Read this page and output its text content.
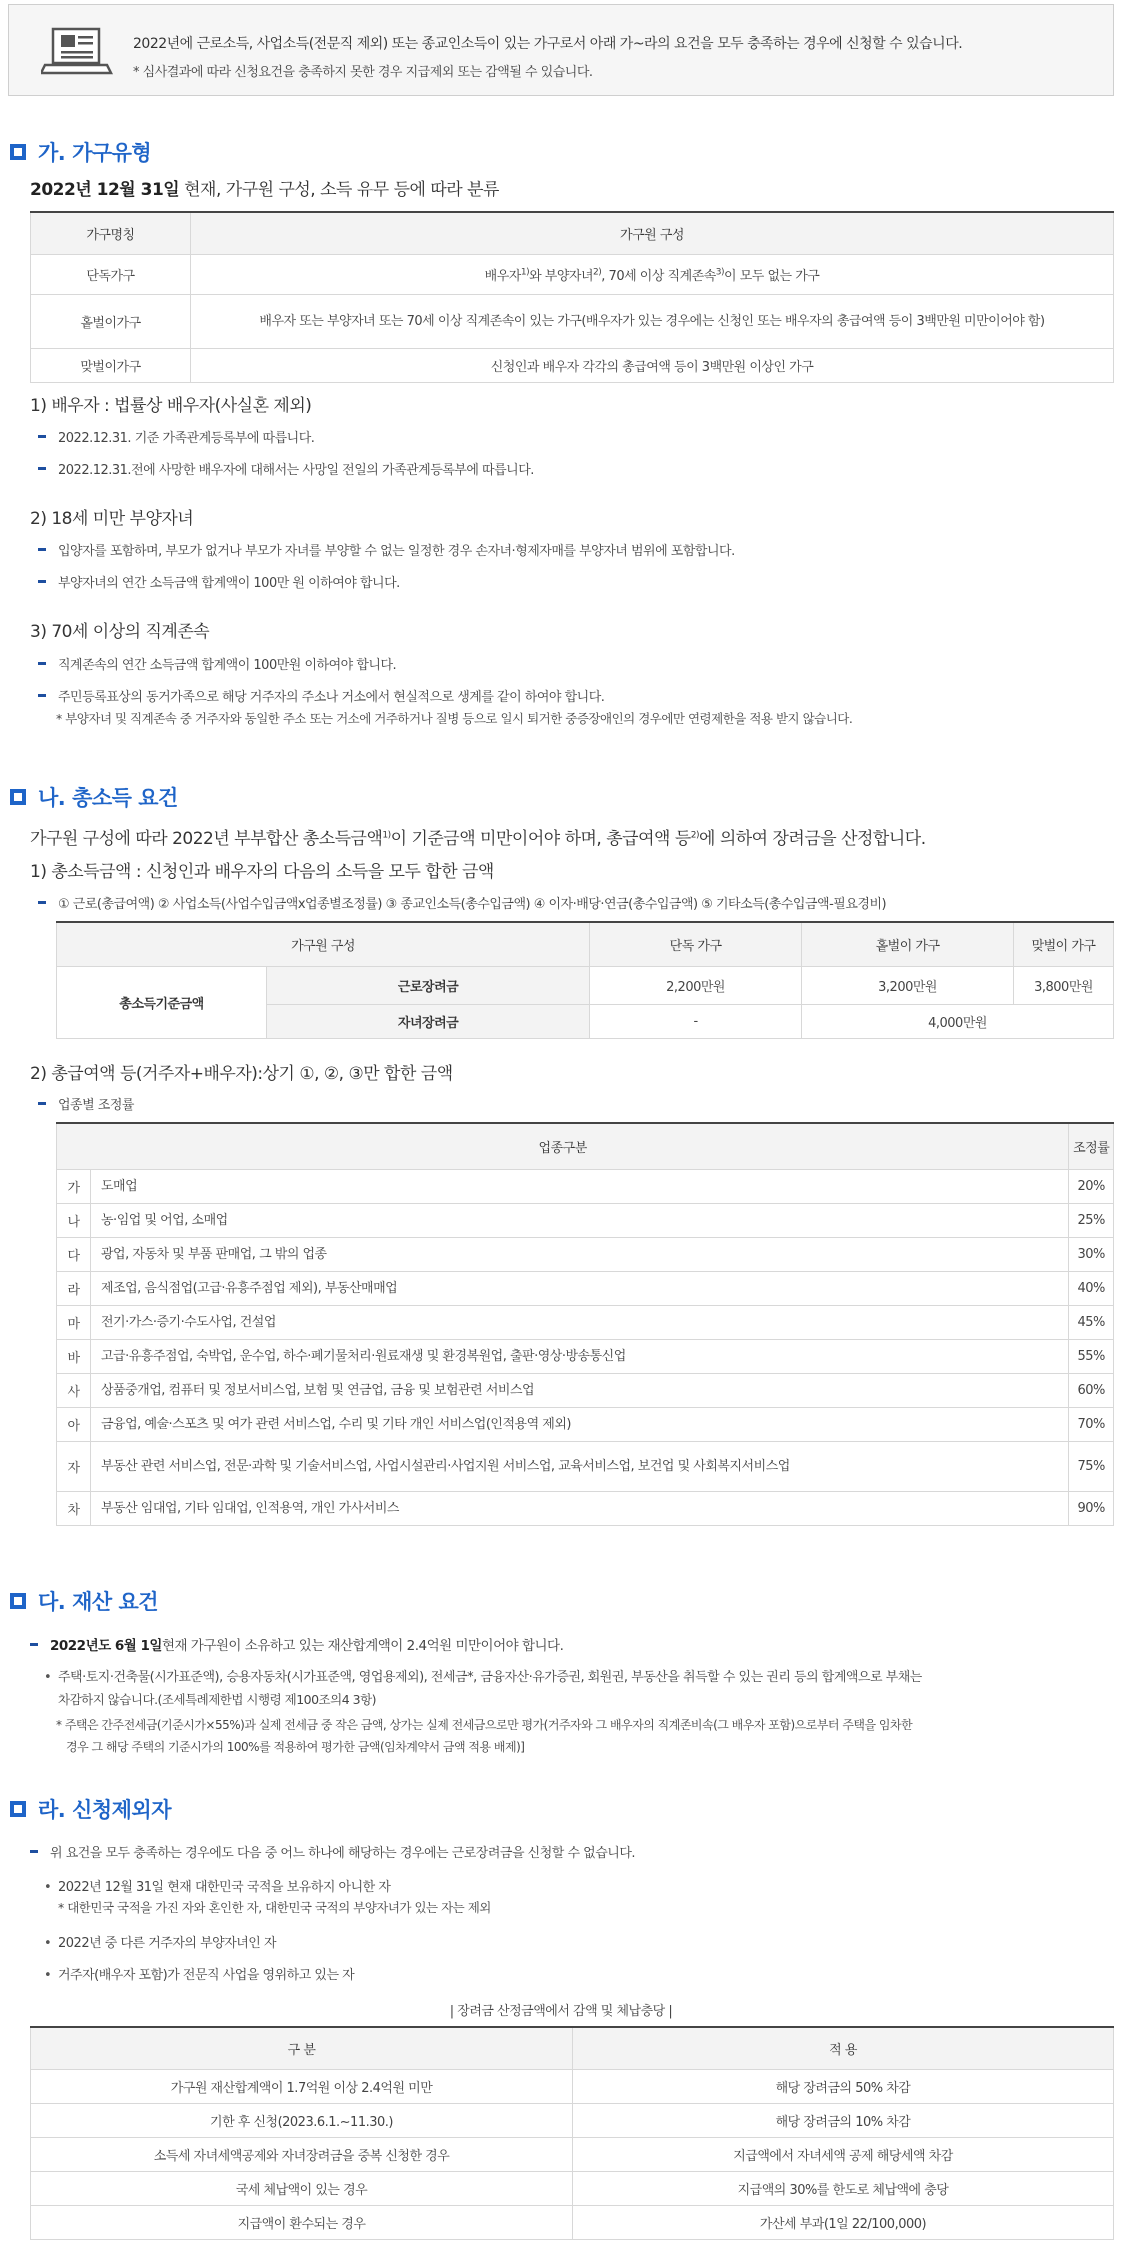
2022년에 근로소득, 사업소득(전문직 제외) 또는 종교인소득이 있는 가구로서 아래 가~라의 요건을 모두 충족하는 경우에 신청할 수 있습니다.
* 심사결과에 따라 신청요건을 충족하지 못한 경우 지급제외 또는 감액될 수 있습니다.
가. 가구유형
2022년 12월 31일 현재, 가구원 구성, 소득 유무 등에 따라 분류
가구명칭	가구원 구성
단독가구	배우자$^{1)}$와 부양자녀$^{2)}$, 70세 이상 직계존속$^{3)}$이 모두 없는 가구
홑벌이가구	배우자 또는 부양자녀 또는 70세 이상 직계존속이 있는 가구(배우자가 있는 경우에는 신청인 또는 배우자의 총급여액 등이 3백만원 미만이어야 함)
맞벌이가구	신청인과 배우자 각각의 총급여액 등이 3백만원 이상인 가구
1) 배우자 : 법률상 배우자(사실혼 제외)
2022.12.31. 기준 가족관계등록부에 따릅니다.
2022.12.31.전에 사망한 배우자에 대해서는 사망일 전일의 가족관계등록부에 따릅니다.
2) 18세 미만 부양자녀
입양자를 포함하며, 부모가 없거나 부모가 자녀를 부양할 수 없는 일정한 경우 손자녀·형제자매를 부양자녀 범위에 포함합니다.
부양자녀의 연간 소득금액 합계액이 100만 원 이하여야 합니다.
3) 70세 이상의 직계존속
직계존속의 연간 소득금액 합계액이 100만원 이하여야 합니다.
주민등록표상의 동거가족으로 해당 거주자의 주소나 거소에서 현실적으로 생계를 같이 하여야 합니다.
* 부양자녀 및 직계존속 중 거주자와 동일한 주소 또는 거소에 거주하거나 질병 등으로 일시 퇴거한 중증장애인의 경우에만 연령제한을 적용 받지 않습니다.
나. 총소득 요건
가구원 구성에 따라 2022년 부부합산 총소득금액$^{1)}$이 기준금액 미만이어야 하며, 총급여액 등$^{2)}$에 의하여 장려금을 산정합니다.
1) 총소득금액 : 신청인과 배우자의 다음의 소득을 모두 합한 금액
① 근로(총급여액) ② 사업소득(사업수입금액x업종별조정률) ③ 종교인소득(총수입금액) ④ 이자·배당·연금(총수입금액) ⑤ 기타소득(총수입금액-필요경비)
가구원 구성		단독 가구	홑벌이 가구	맞벌이 가구
총소득기준금액	근로장려금	2,200만원	3,200만원	3,800만원
	자녀장려금	-	4,000만원	
2) 총급여액 등(거주자+배우자):상기 ①, ②, ③만 합한 금액
업종별 조정률
업종구분		조정률
가	도매업	20%
나	농·임업 및 어업, 소매업	25%
다	광업, 자동차 및 부품 판매업, 그 밖의 업종	30%
라	제조업, 음식점업(고급·유흥주점업 제외), 부동산매매업	40%
마	전기·가스·증기·수도사업, 건설업	45%
바	고급·유흥주점업, 숙박업, 운수업, 하수·폐기물처리·원료재생 및 환경복원업, 출판·영상·방송통신업	55%
사	상품중개업, 컴퓨터 및 정보서비스업, 보험 및 연금업, 금융 및 보험관련 서비스업	60%
아	금융업, 예술·스포츠 및 여가 관련 서비스업, 수리 및 기타 개인 서비스업(인적용역 제외)	70%
자	부동산 관련 서비스업, 전문·과학 및 기술서비스업, 사업시설관리·사업지원 서비스업, 교육서비스업, 보건업 및 사회복지서비스업	75%
차	부동산 임대업, 기타 임대업, 인적용역, 개인 가사서비스	90%
다. 재산 요건
2022년도 6월 1일 현재 가구원이 소유하고 있는 재산합계액이 2.4억원 미만이어야 합니다.
• 주택·토지·건축물(시가표준액), 승용자동차(시가표준액, 영업용제외), 전세금*, 금융자산·유가증권, 회원권, 부동산을 취득할 수 있는 권리 등의 합계액으로 부채는
차감하지 않습니다.(조세특례제한법 시행령 제100조의4 3항)
* 주택은 간주전세금(기준시가×55%)과 실제 전세금 중 작은 금액, 상가는 실제 전세금으로만 평가(거주자와 그 배우자의 직계존비속(그 배우자 포함)으로부터 주택을 임차한
경우 그 해당 주택의 기준시가의 100%를 적용하여 평가한 금액(임차계약서 금액 적용 배제)]
라. 신청제외자
위 요건을 모두 충족하는 경우에도 다음 중 어느 하나에 해당하는 경우에는 근로장려금을 신청할 수 없습니다.
• 2022년 12월 31일 현재 대한민국 국적을 보유하지 아니한 자
* 대한민국 국적을 가진 자와 혼인한 자, 대한민국 국적의 부양자녀가 있는 자는 제외
• 2022년 중 다른 거주자의 부양자녀인 자
• 거주자(배우자 포함)가 전문직 사업을 영위하고 있는 자
| 장려금 산정금액에서 감액 및 체납충당 |
구 분	적 용
가구원 재산합계액이 1.7억원 이상 2.4억원 미만	해당 장려금의 50% 차감
기한 후 신청(2023.6.1.~11.30.)	해당 장려금의 10% 차감
소득세 자녀세액공제와 자녀장려금을 중복 신청한 경우	지급액에서 자녀세액 공제 해당세액 차감
국세 체납액이 있는 경우	지급액의 30%를 한도로 체납액에 충당
지급액이 환수되는 경우	가산세 부과(1일 22/100,000)
